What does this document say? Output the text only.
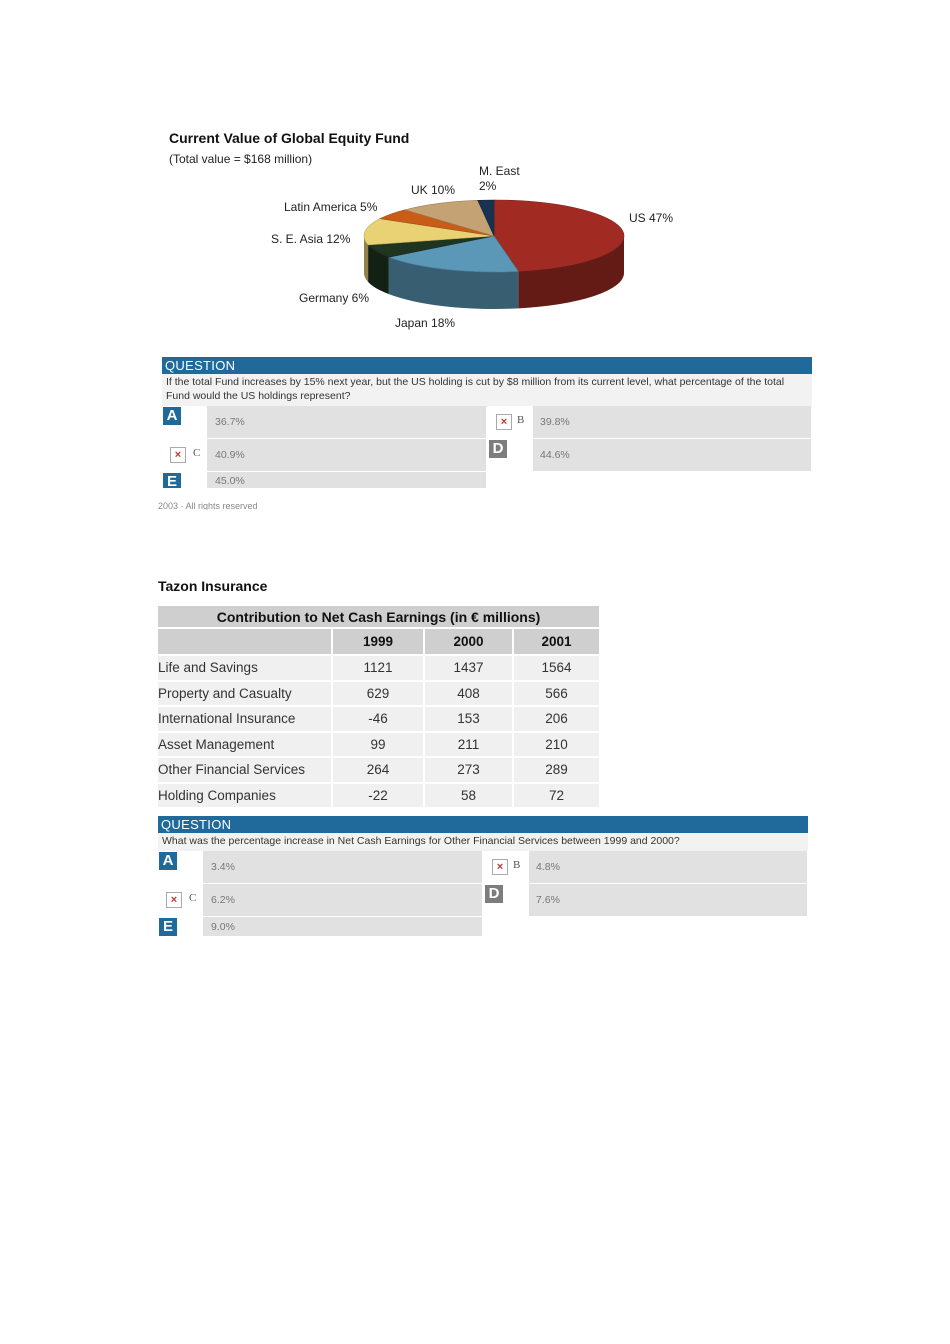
Current Value of Global Equity Fund
(Total value = $168 million)
US 47%
Japan 18%
Germany 6%
S. E. Asia 12%
Latin America 5%
UK 10%
M. East 2%
QUESTION
If the total Fund increases by 15% next year, but the US holding is cut by $8 million from its current level, what percentage of the total Fund would the US holdings represent?
A	36.7%	× B 39.8%
×	C 40.9%	D	44.6%
E	45.0%
2003 · All rights reserved
Tazon Insurance
Contribution to Net Cash Earnings (in € millions)			
	1999	2000	2001
Life and Savings	1121	1437	1564
Property and Casualty	629	408	566
International Insurance	-46	153	206
Asset Management	99	211	210
Other Financial Services	264	273	289
Holding Companies	-22	58	72
QUESTION
What was the percentage increase in Net Cash Earnings for Other Financial Services between 1999 and 2000?
A	3.4%	× B 4.8%
×	C 6.2%	D	7.6%
E	9.0%
